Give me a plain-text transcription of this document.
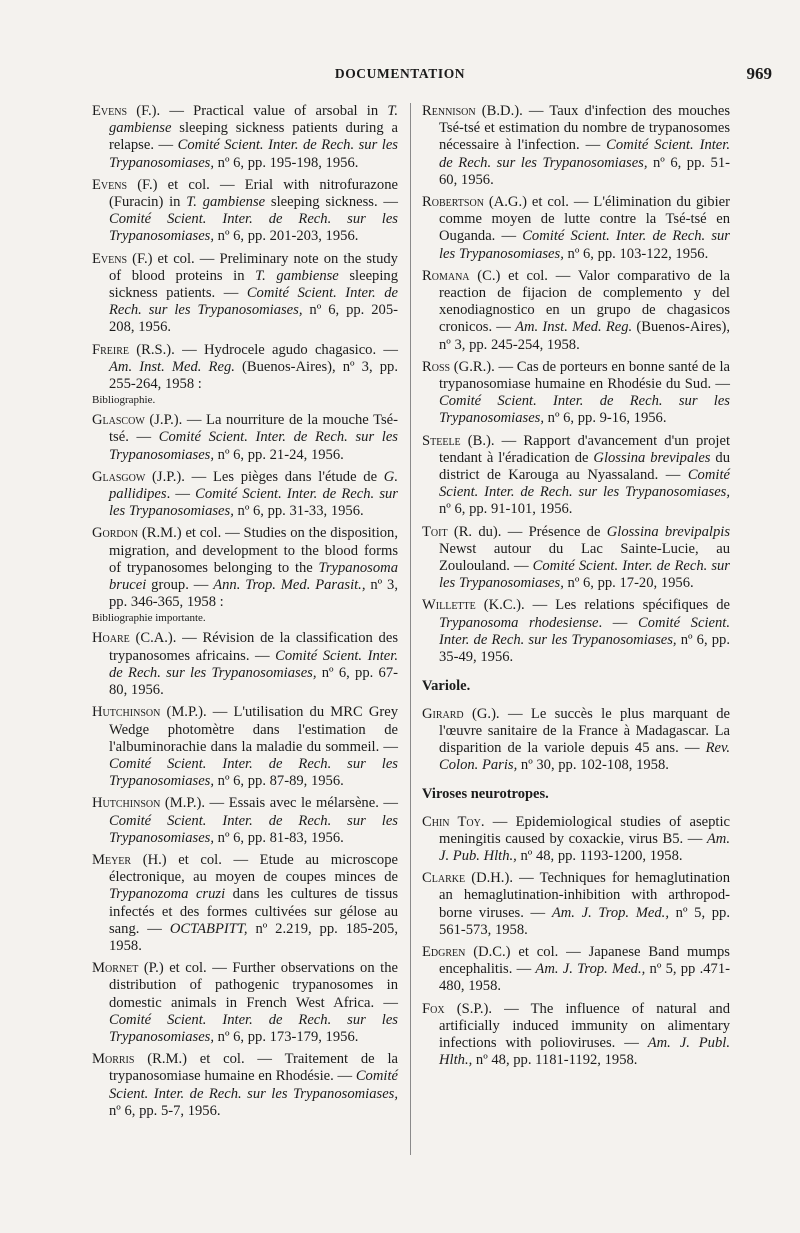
DOCUMENTATION	969

Evens (F.). — Practical value of arsobal in T. gambiense sleeping sickness patients during a relapse. — Comité Scient. Inter. de Rech. sur les Trypanosomiases, nº 6, pp. 195-198, 1956.

Evens (F.) et col. — Erial with nitrofurazone (Furacin) in T. gambiense sleeping sickness. — Comité Scient. Inter. de Rech. sur les Trypanosomiases, nº 6, pp. 201-203, 1956.

Evens (F.) et col. — Preliminary note on the study of blood proteins in T. gambiense sleeping sickness patients. — Comité Scient. Inter. de Rech. sur les Trypanosomiases, nº 6, pp. 205-208, 1956.

Freire (R.S.). — Hydrocele agudo chagasico. — Am. Inst. Med. Reg. (Buenos-Aires), nº 3, pp. 255-264, 1958 :
Bibliographie.

Glascow (J.P.). — La nourriture de la mouche Tsé-tsé. — Comité Scient. Inter. de Rech. sur les Trypanosomiases, nº 6, pp. 21-24, 1956.

Glasgow (J.P.). — Les pièges dans l'étude de G. pallidipes. — Comité Scient. Inter. de Rech. sur les Trypanosomiases, nº 6, pp. 31-33, 1956.

Gordon (R.M.) et col. — Studies on the disposition, migration, and development to the blood forms of trypanosomes belonging to the Trypanosoma brucei group. — Ann. Trop. Med. Parasit., nº 3, pp. 346-365, 1958 :
Bibliographie importante.

Hoare (C.A.). — Révision de la classification des trypanosomes africains. — Comité Scient. Inter. de Rech. sur les Trypanosomiases, nº 6, pp. 67-80, 1956.

Hutchinson (M.P.). — L'utilisation du MRC Grey Wedge photomètre dans l'estimation de l'albuminorachie dans la maladie du sommeil. — Comité Scient. Inter. de Rech. sur les Trypanosomiases, nº 6, pp. 87-89, 1956.

Hutchinson (M.P.). — Essais avec le mélarsène. — Comité Scient. Inter. de Rech. sur les Trypanosomiases, nº 6, pp. 81-83, 1956.

Meyer (H.) et col. — Etude au microscope électronique, au moyen de coupes minces de Trypanozoma cruzi dans les cultures de tissus infectés et des formes cultivées sur gélose au sang. — OCTABPITT, nº 2.219, pp. 185-205, 1958.

Mornet (P.) et col. — Further observations on the distribution of pathogenic trypanosomes in domestic animals in French West Africa. — Comité Scient. Inter. de Rech. sur les Trypanosomiases, nº 6, pp. 173-179, 1956.

Morris (R.M.) et col. — Traitement de la trypanosomiase humaine en Rhodésie. — Comité Scient. Inter. de Rech. sur les Trypanosomiases, nº 6, pp. 5-7, 1956.

Rennison (B.D.). — Taux d'infection des mouches Tsé-tsé et estimation du nombre de trypanosomes nécessaire à l'infection. — Comité Scient. Inter. de Rech. sur les Trypanosomiases, nº 6, pp. 51-60, 1956.

Robertson (A.G.) et col. — L'élimination du gibier comme moyen de lutte contre la Tsé-tsé en Ouganda. — Comité Scient. Inter. de Rech. sur les Trypanosomiases, nº 6, pp. 103-122, 1956.

Romana (C.) et col. — Valor comparativo de la reaction de fijacion de complemento y del xenodiagnostico en un grupo de chagasicos cronicos. — Am. Inst. Med. Reg. (Buenos-Aires), nº 3, pp. 245-254, 1958.

Ross (G.R.). — Cas de porteurs en bonne santé de la trypanosomiase humaine en Rhodésie du Sud. — Comité Scient. Inter. de Rech. sur les Trypanosomiases, nº 6, pp. 9-16, 1956.

Steele (B.). — Rapport d'avancement d'un projet tendant à l'éradication de Glossina brevipales du district de Karouga au Nyassaland. — Comité Scient. Inter. de Rech. sur les Trypanosomiases, nº 6, pp. 91-101, 1956.

Toit (R. du). — Présence de Glossina brevipalpis Newst autour du Lac Sainte-Lucie, au Zoulouland. — Comité Scient. Inter. de Rech. sur les Trypanosomiases, nº 6, pp. 17-20, 1956.

Willette (K.C.). — Les relations spécifiques de Trypanosoma rhodesiense. — Comité Scient. Inter. de Rech. sur les Trypanosomiases, nº 6, pp. 35-49, 1956.

Variole.

Girard (G.). — Le succès le plus marquant de l'œuvre sanitaire de la France à Madagascar. La disparition de la variole depuis 45 ans. — Rev. Colon. Paris, nº 30, pp. 102-108, 1958.

Viroses neurotropes.

Chin Toy. — Epidemiological studies of aseptic meningitis caused by coxackie, virus B5. — Am. J. Pub. Hlth., nº 48, pp. 1193-1200, 1958.

Clarke (D.H.). — Techniques for hemaglutination an hemaglutination-inhibition with arthropod-borne viruses. — Am. J. Trop. Med., nº 5, pp. 561-573, 1958.

Edgren (D.C.) et col. — Japanese Band mumps encephalitis. — Am. J. Trop. Med., nº 5, pp .471-480, 1958.

Fox (S.P.). — The influence of natural and artificially induced immunity on alimentary infections with polioviruses. — Am. J. Publ. Hlth., nº 48, pp. 1181-1192, 1958.
